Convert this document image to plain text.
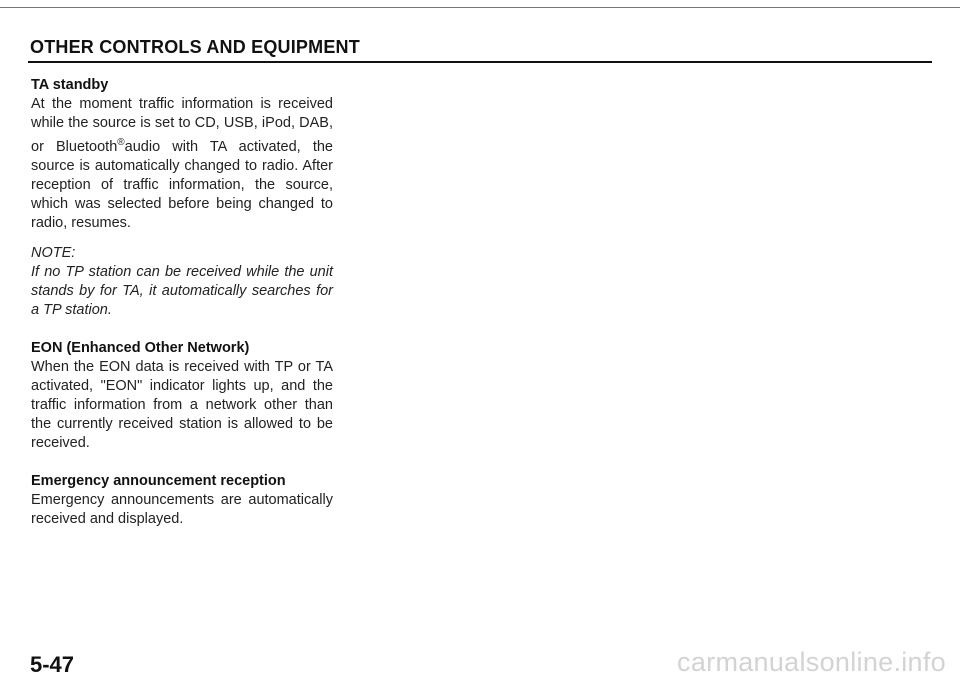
OTHER CONTROLS AND EQUIPMENT
TA standby
At the moment traffic information is received while the source is set to CD, USB, iPod, DAB, or Bluetooth®audio with TA activated, the source is automatically changed to radio. After reception of traffic information, the source, which was selected before being changed to radio, resumes.
NOTE:
If no TP station can be received while the unit stands by for TA, it automatically searches for a TP station.
EON (Enhanced Other Network)
When the EON data is received with TP or TA activated, "EON" indicator lights up, and the traffic information from a network other than the currently received station is allowed to be received.
Emergency announcement reception
Emergency announcements are automatically received and displayed.
5-47	carmanualsonline.info
